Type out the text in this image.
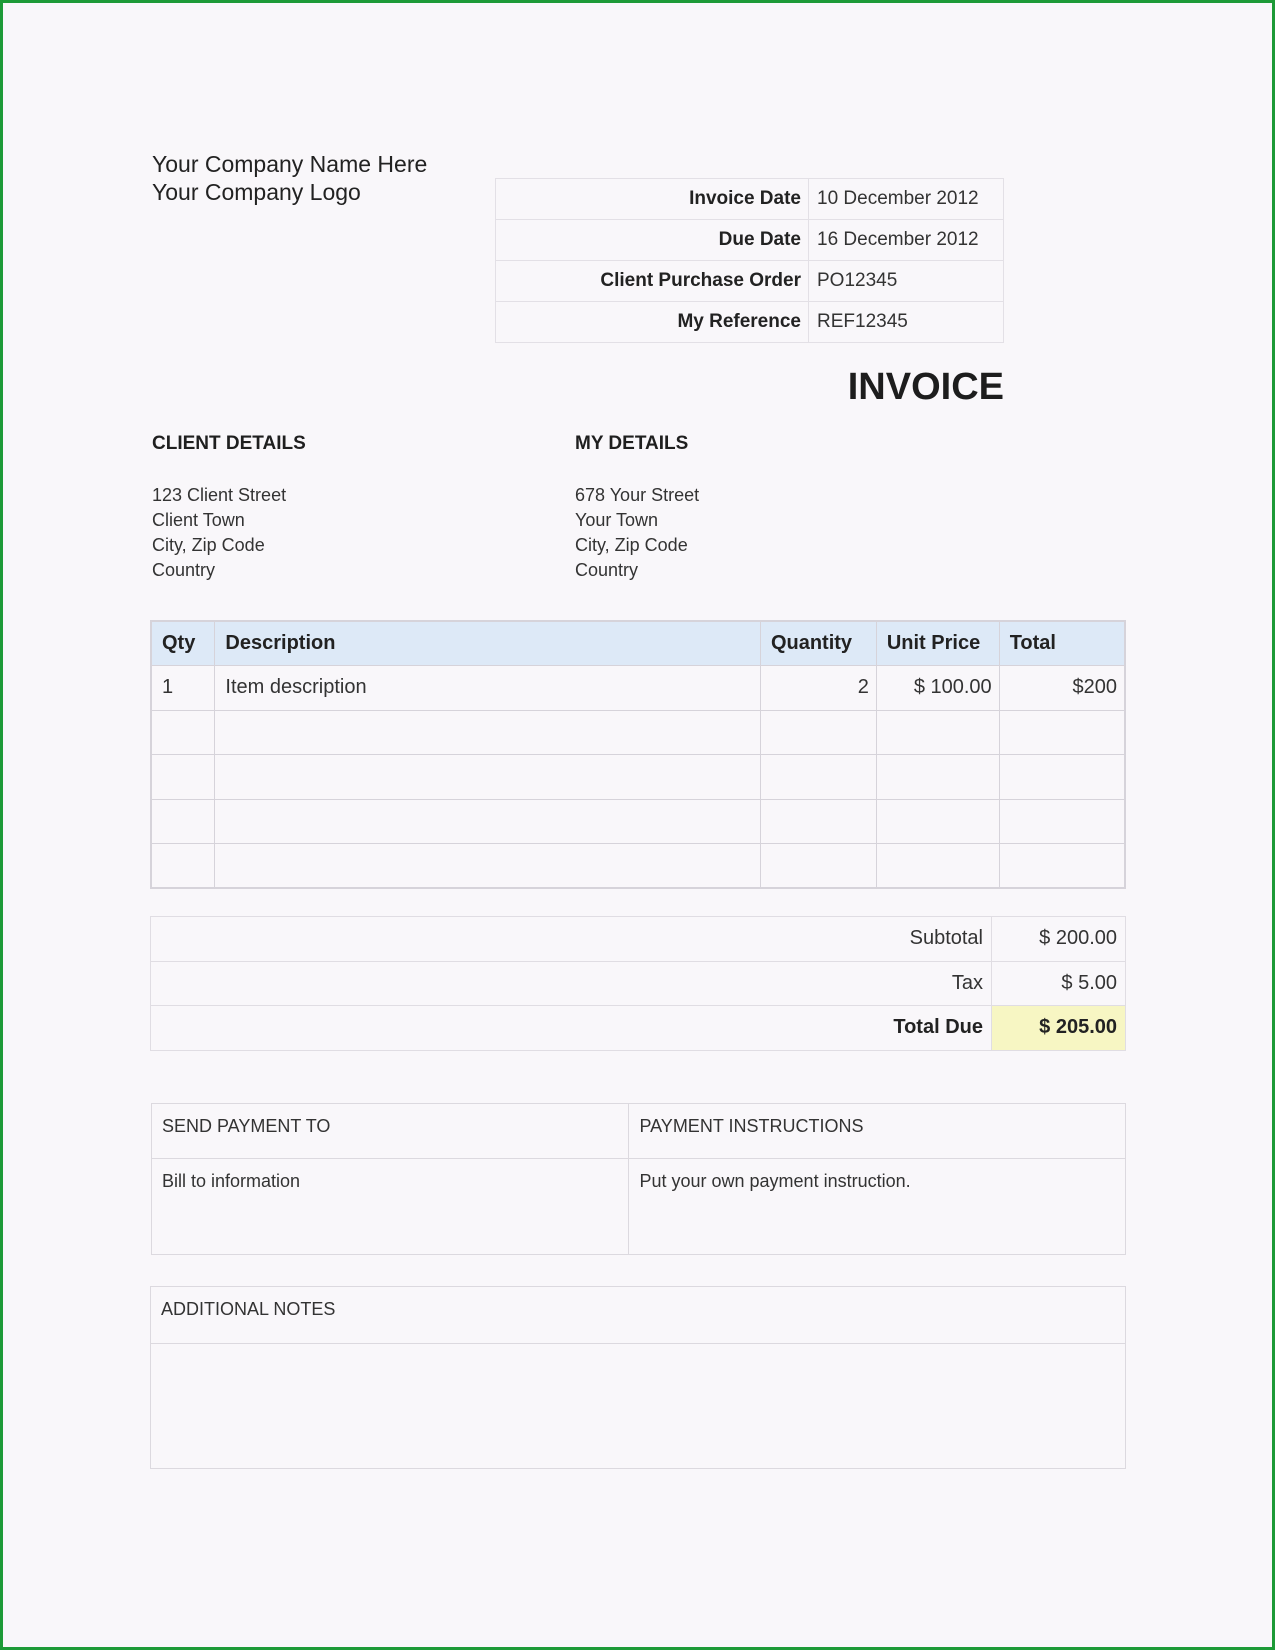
Your Company Name Here
Your Company Logo	Invoice Date	10 December 2012
Due Date	16 December 2012
Client Purchase Order	PO12345
My Reference	REF12345
INVOICE
CLIENT DETAILS
123 Client Street
Client Town
City, Zip Code
Country
MY DETAILS
678 Your Street
Your Town
City, Zip Code
Country
Qty	Description	Quantity	Unit Price	Total
1	Item description	2	$ 100.00	$200

Subtotal	$ 200.00
Tax	$ 5.00
Total Due	$ 205.00
SEND PAYMENT TO	PAYMENT INSTRUCTIONS
Bill to information	Put your own payment instruction.
ADDITIONAL NOTES
